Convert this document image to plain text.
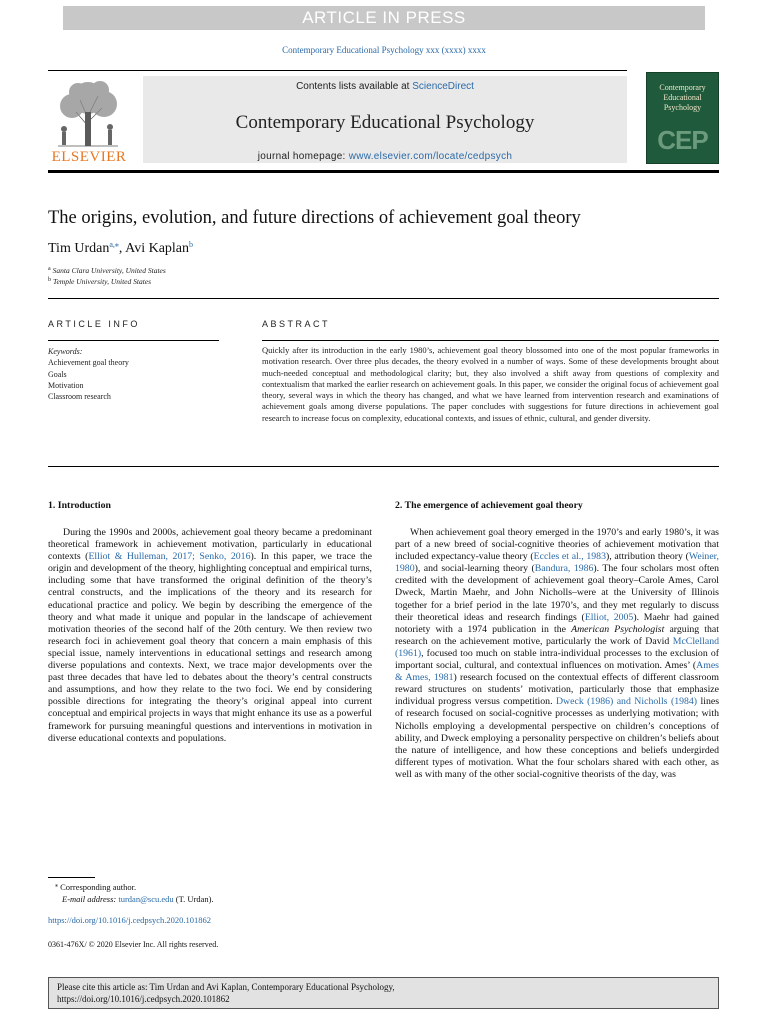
ARTICLE IN PRESS
Contemporary Educational Psychology xxx (xxxx) xxxx
ELSEVIER
Contents lists available at ScienceDirect
Contemporary Educational Psychology
journal homepage: www.elsevier.com/locate/cedpsych
Contemporary Educational Psychology
CEP
The origins, evolution, and future directions of achievement goal theory
Tim Urdan$^{a,⁎}$, Avi Kaplan$^b$
$^a$ Santa Clara University, United States
$^b$ Temple University, United States
ARTICLE INFO	ABSTRACT
Keywords:
Achievement goal theory
Goals
Motivation
Classroom research
Quickly after its introduction in the early 1980’s, achievement goal theory blossomed into one of the most popular frameworks in motivation research. Over three plus decades, the theory evolved in a number of ways. Some of these developments brought about much-needed conceptual and methodological clarity; but, they also involved a shift away from questions of complexity and contextualism that marked the earlier research on achievement goals. In this paper, we consider the original focus of achievement goal theory, several ways in which the theory has changed, and what we have learned from intervention research and examinations of achievement goals among diverse populations. The paper concludes with suggestions for future directions in achievement goal research to increase focus on complexity, educational contexts, and issues of ethnic, cultural, and gender diversity.
1. Introduction

During the 1990s and 2000s, achievement goal theory became a predominant theoretical framework in achievement motivation, particularly in educational contexts (Elliot & Hulleman, 2017; Senko, 2016). In this paper, we trace the origin and development of the theory, highlighting conceptual and empirical turns, including some that have transformed the original definition of the theory’s central constructs, and the implications of the theory and its research for educational practice and policy. We begin by describing the emergence of the theory and what made it unique and popular in the landscape of achievement motivation theories of the second half of the 20th century. We then review two research foci in achievement goal theory that concern a main emphasis of this special issue, namely interventions in educational settings and research among diverse populations and contexts. Next, we trace major developments over the past three decades that have led to debates about the theory’s central constructs and assumptions, and how they relate to the two foci. We end by considering possible directions for integrating the theory’s original appeal into current conceptual and empirical projects in ways that might enhance its use as a powerful framework for pursuing meaningful questions and interventions in motivation in diverse educational contexts and populations.

2. The emergence of achievement goal theory

When achievement goal theory emerged in the 1970’s and early 1980’s, it was part of a new breed of social-cognitive theories of achievement motivation that included expectancy-value theory (Eccles et al., 1983), attribution theory (Weiner, 1980), and social-learning theory (Bandura, 1986). The four scholars most often credited with the development of achievement goal theory–Carole Ames, Carol Dweck, Martin Maehr, and John Nicholls–were at the University of Illinois together for a brief period in the late 1970’s, and they met regularly to discuss their theoretical ideas and research findings (Elliot, 2005). Maehr had gained notoriety with a 1974 publication in the American Psychologist arguing that research on the achievement motive, particularly the work of David McClelland (1961), focused too much on stable intra-individual processes to the exclusion of important social, cultural, and contextual influences on motivation. Ames’ (Ames & Ames, 1981) research focused on the contextual effects of different classroom reward structures on students’ motivation, particularly those that emphasize individual progress versus competition. Dweck (1986) and Nicholls (1984) lines of research focused on social-cognitive processes as underlying motivation; with Nicholls employing a developmental perspective on children’s conceptions of ability, and Dweck employing a personality perspective on children’s beliefs about the nature of intelligence, and how these conceptions and beliefs undergirded different types of motivation. What the four scholars shared with each other, as well as with many of the other social-cognitive theorists of the day, was

⁎ Corresponding author.
E-mail address: turdan@scu.edu (T. Urdan).
https://doi.org/10.1016/j.cedpsych.2020.101862
0361-476X/ © 2020 Elsevier Inc. All rights reserved.
Please cite this article as: Tim Urdan and Avi Kaplan, Contemporary Educational Psychology,
https://doi.org/10.1016/j.cedpsych.2020.101862
